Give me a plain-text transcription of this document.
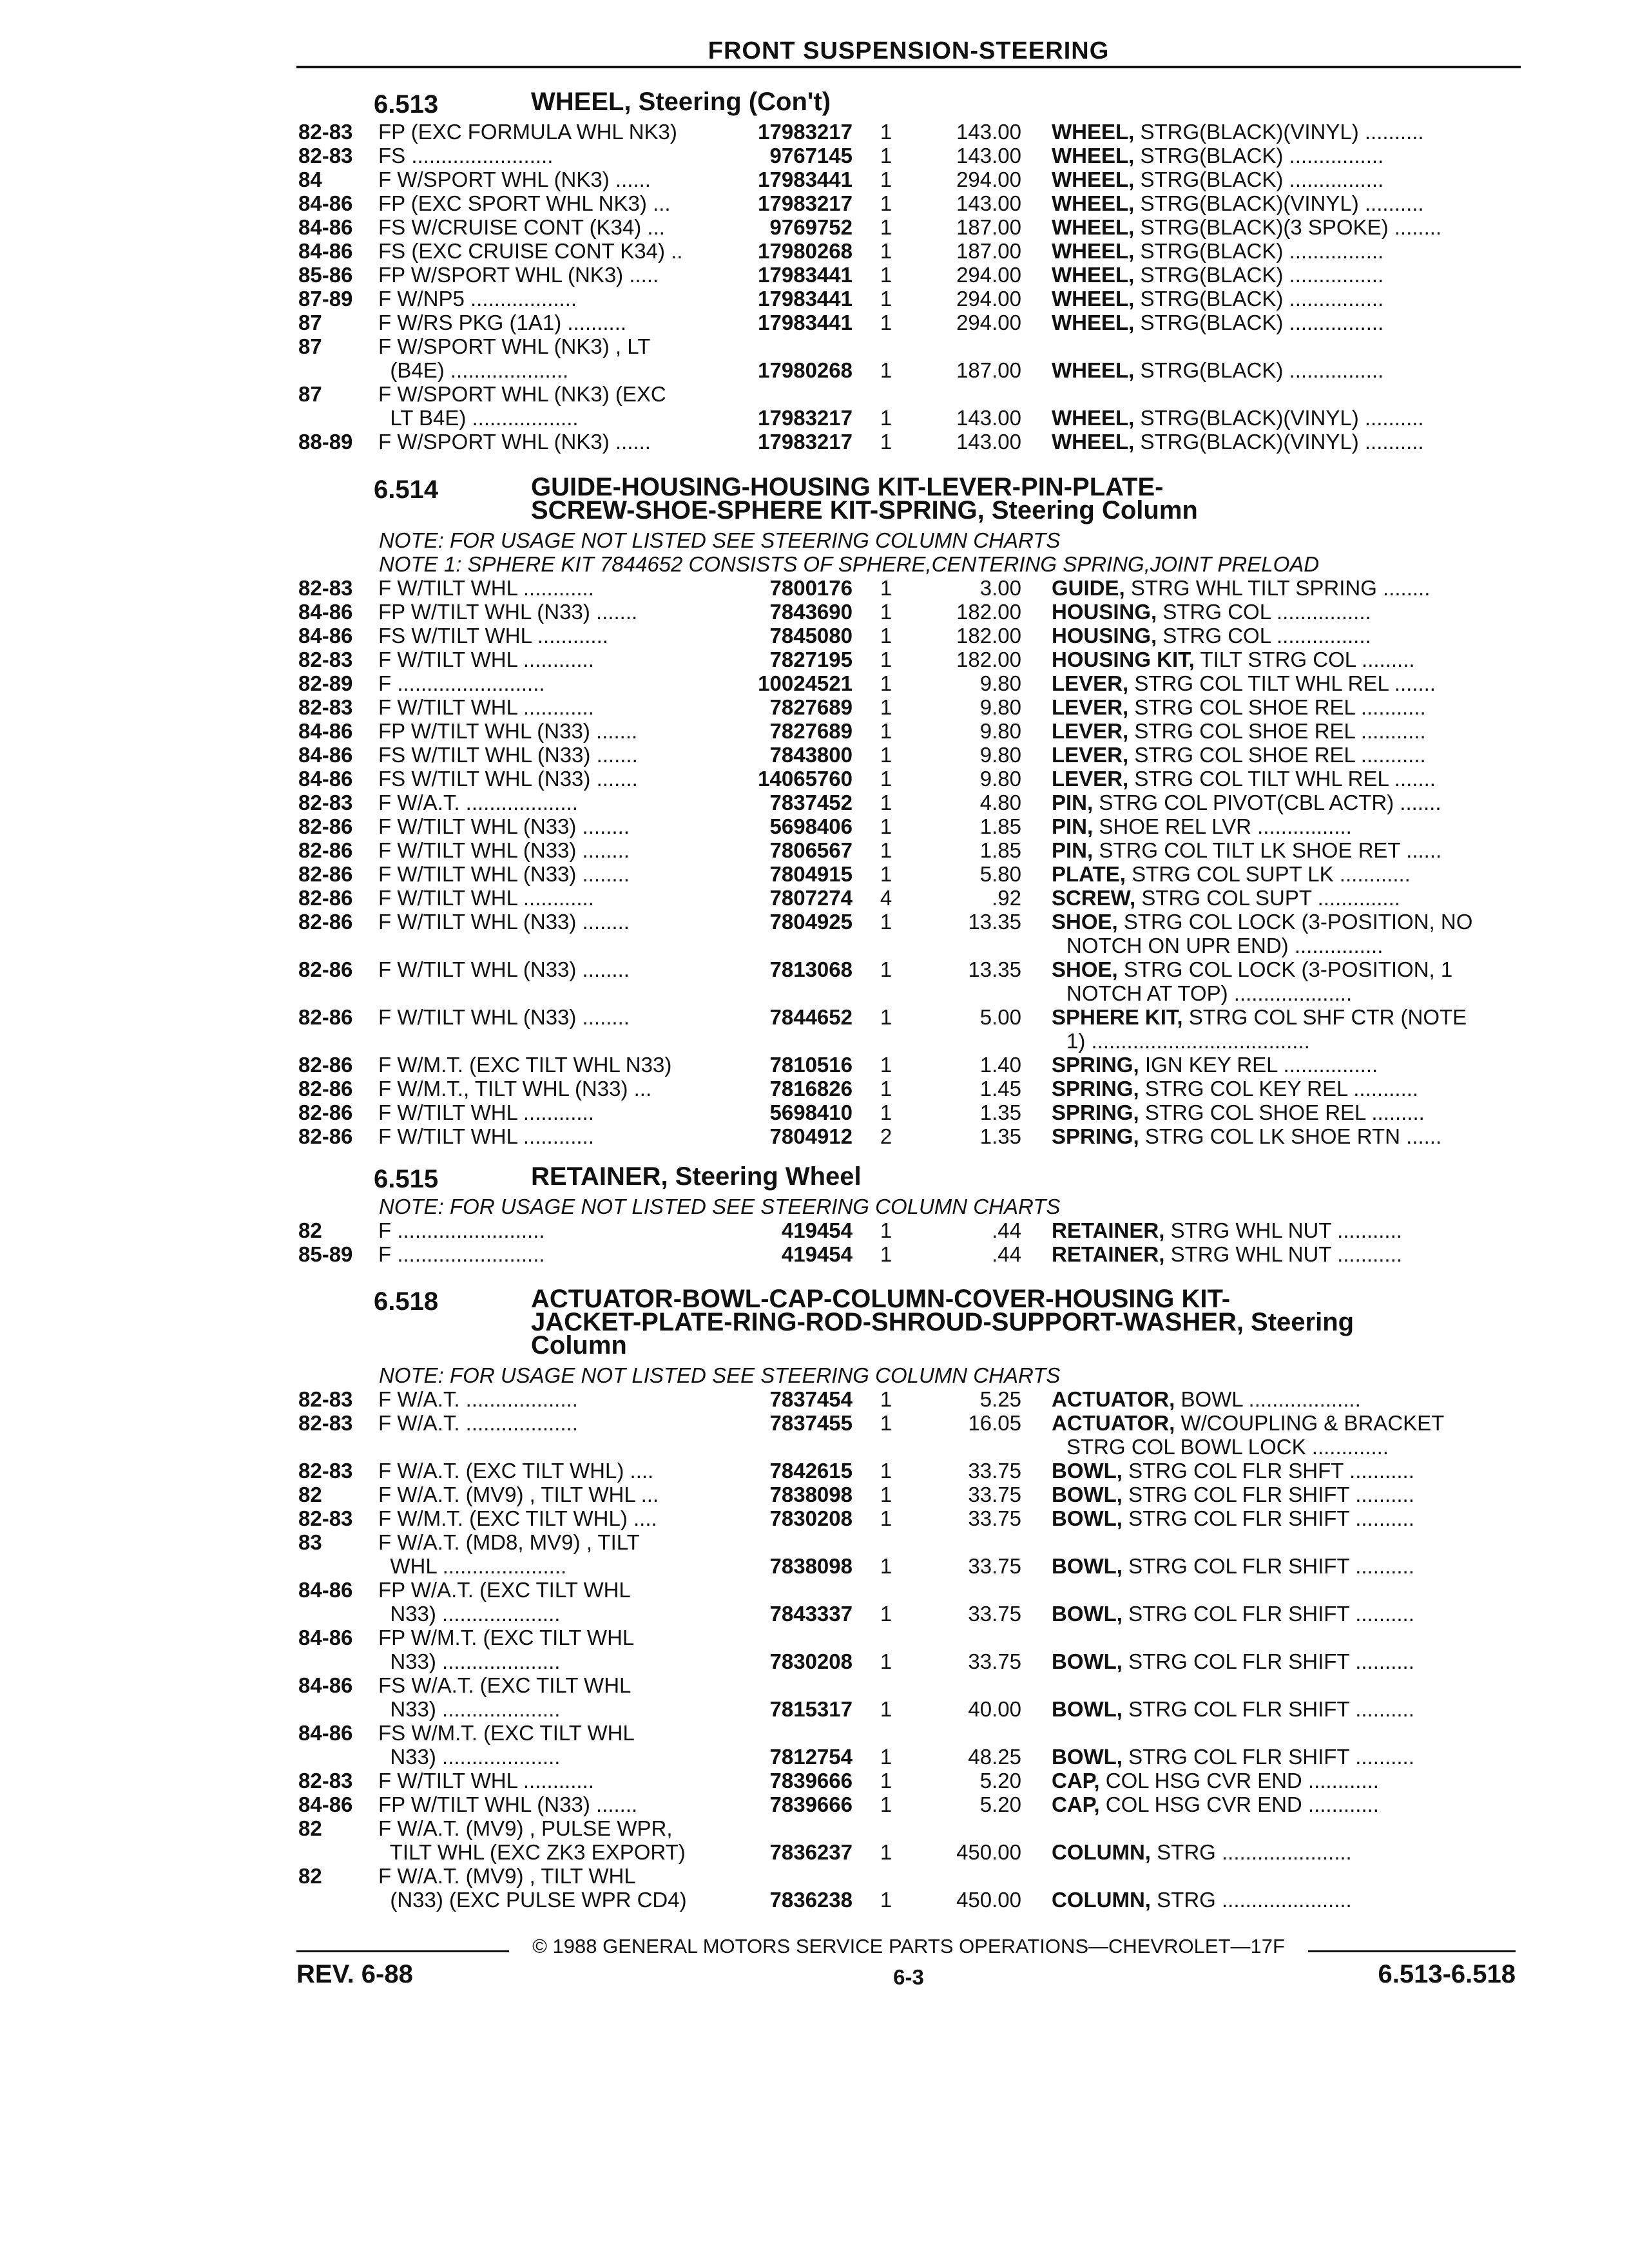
FRONT SUSPENSION-STEERING
6.513	WHEEL, Steering (Con't)
82-83 FP (EXC FORMULA WHL NK3)	17983217	1	143.00 WHEEL, STRG(BLACK)(VINYL) ..........
82-83 FS ........................	9767145	1	143.00 WHEEL, STRG(BLACK) ................
84	F W/SPORT WHL (NK3) ......	17983441	1	294.00 WHEEL, STRG(BLACK) ................
84-86 FP (EXC SPORT WHL NK3) ...	17983217	1	143.00 WHEEL, STRG(BLACK)(VINYL) ..........
84-86 FS W/CRUISE CONT (K34) ...	9769752	1	187.00 WHEEL, STRG(BLACK)(3 SPOKE) ........
84-86 FS (EXC CRUISE CONT K34) ..	17980268	1	187.00 WHEEL, STRG(BLACK) ................
85-86 FP W/SPORT WHL (NK3) .....	17983441	1	294.00 WHEEL, STRG(BLACK) ................
87-89 F W/NP5 ..................	17983441	1	294.00 WHEEL, STRG(BLACK) ................
87	F W/RS PKG (1A1) ..........	17983441	1	294.00 WHEEL, STRG(BLACK) ................
87	F W/SPORT WHL (NK3) , LT
(B4E) ....................	17980268	1	187.00 WHEEL, STRG(BLACK) ................
87	F W/SPORT WHL (NK3) (EXC
LT B4E) ..................	17983217	1	143.00 WHEEL, STRG(BLACK)(VINYL) ..........
88-89 F W/SPORT WHL (NK3) ......	17983217	1	143.00 WHEEL, STRG(BLACK)(VINYL) ..........
6.514	GUIDE-HOUSING-HOUSING KIT-LEVER-PIN-PLATE-
SCREW-SHOE-SPHERE KIT-SPRING, Steering Column
NOTE: FOR USAGE NOT LISTED SEE STEERING COLUMN CHARTS
NOTE 1: SPHERE KIT 7844652 CONSISTS OF SPHERE,CENTERING SPRING,JOINT PRELOAD
82-83 F W/TILT WHL ............	7800176	1	3.00 GUIDE, STRG WHL TILT SPRING ........
84-86 FP W/TILT WHL (N33) .......	7843690	1	182.00 HOUSING, STRG COL ................
84-86 FS W/TILT WHL ............	7845080	1	182.00 HOUSING, STRG COL ................
82-83 F W/TILT WHL ............	7827195	1	182.00 HOUSING KIT, TILT STRG COL .........
82-89 F .........................	10024521	1	9.80 LEVER, STRG COL TILT WHL REL .......
82-83 F W/TILT WHL ............	7827689	1	9.80 LEVER, STRG COL SHOE REL ...........
84-86 FP W/TILT WHL (N33) .......	7827689	1	9.80 LEVER, STRG COL SHOE REL ...........
84-86 FS W/TILT WHL (N33) .......	7843800	1	9.80 LEVER, STRG COL SHOE REL ...........
84-86 FS W/TILT WHL (N33) .......	14065760	1	9.80 LEVER, STRG COL TILT WHL REL .......
82-83 F W/A.T. ...................	7837452	1	4.80 PIN, STRG COL PIVOT(CBL ACTR) .......
82-86 F W/TILT WHL (N33) ........	5698406	1	1.85 PIN, SHOE REL LVR ................
82-86 F W/TILT WHL (N33) ........	7806567	1	1.85 PIN, STRG COL TILT LK SHOE RET ......
82-86 F W/TILT WHL (N33) ........	7804915	1	5.80 PLATE, STRG COL SUPT LK ............
82-86 F W/TILT WHL ............	7807274	4	.92 SCREW, STRG COL SUPT ..............
82-86 F W/TILT WHL (N33) ........	7804925	1	13.35 SHOE, STRG COL LOCK (3-POSITION, NO
NOTCH ON UPR END) ...............
82-86 F W/TILT WHL (N33) ........	7813068	1	13.35 SHOE, STRG COL LOCK (3-POSITION, 1
NOTCH AT TOP) ....................
82-86 F W/TILT WHL (N33) ........	7844652	1	5.00 SPHERE KIT, STRG COL SHF CTR (NOTE
1) .....................................
82-86 F W/M.T. (EXC TILT WHL N33)	7810516	1	1.40 SPRING, IGN KEY REL ................
82-86 F W/M.T., TILT WHL (N33) ...	7816826	1	1.45 SPRING, STRG COL KEY REL ...........
82-86 F W/TILT WHL ............	5698410	1	1.35 SPRING, STRG COL SHOE REL .........
82-86 F W/TILT WHL ............	7804912	2	1.35 SPRING, STRG COL LK SHOE RTN ......
6.515	RETAINER, Steering Wheel
NOTE: FOR USAGE NOT LISTED SEE STEERING COLUMN CHARTS
82	F .........................	419454	1	.44 RETAINER, STRG WHL NUT ...........
85-89 F .........................	419454	1	.44 RETAINER, STRG WHL NUT ...........
6.518	ACTUATOR-BOWL-CAP-COLUMN-COVER-HOUSING KIT-
JACKET-PLATE-RING-ROD-SHROUD-SUPPORT-WASHER, Steering
Column
NOTE: FOR USAGE NOT LISTED SEE STEERING COLUMN CHARTS
82-83 F W/A.T. ...................	7837454	1	5.25 ACTUATOR, BOWL ...................
82-83 F W/A.T. ...................	7837455	1	16.05 ACTUATOR, W/COUPLING & BRACKET
STRG COL BOWL LOCK .............
82-83 F W/A.T. (EXC TILT WHL) ....	7842615	1	33.75 BOWL, STRG COL FLR SHFT ...........
82	F W/A.T. (MV9) , TILT WHL ...	7838098	1	33.75 BOWL, STRG COL FLR SHIFT ..........
82-83 F W/M.T. (EXC TILT WHL) ....	7830208	1	33.75 BOWL, STRG COL FLR SHIFT ..........
83	F W/A.T. (MD8, MV9) , TILT
WHL .....................	7838098	1	33.75 BOWL, STRG COL FLR SHIFT ..........
84-86 FP W/A.T. (EXC TILT WHL
N33) ....................	7843337	1	33.75 BOWL, STRG COL FLR SHIFT ..........
84-86 FP W/M.T. (EXC TILT WHL
N33) ....................	7830208	1	33.75 BOWL, STRG COL FLR SHIFT ..........
84-86 FS W/A.T. (EXC TILT WHL
N33) ....................	7815317	1	40.00 BOWL, STRG COL FLR SHIFT ..........
84-86 FS W/M.T. (EXC TILT WHL
N33) ....................	7812754	1	48.25 BOWL, STRG COL FLR SHIFT ..........
82-83 F W/TILT WHL ............	7839666	1	5.20 CAP, COL HSG CVR END ............
84-86 FP W/TILT WHL (N33) .......	7839666	1	5.20 CAP, COL HSG CVR END ............
82	F W/A.T. (MV9) , PULSE WPR,
TILT WHL (EXC ZK3 EXPORT)	7836237	1	450.00 COLUMN, STRG ......................
82	F W/A.T. (MV9) , TILT WHL
(N33) (EXC PULSE WPR CD4)	7836238	1	450.00 COLUMN, STRG ......................
© 1988 GENERAL MOTORS SERVICE PARTS OPERATIONS—CHEVROLET—17F
REV. 6-88	6-3	6.513-6.518
